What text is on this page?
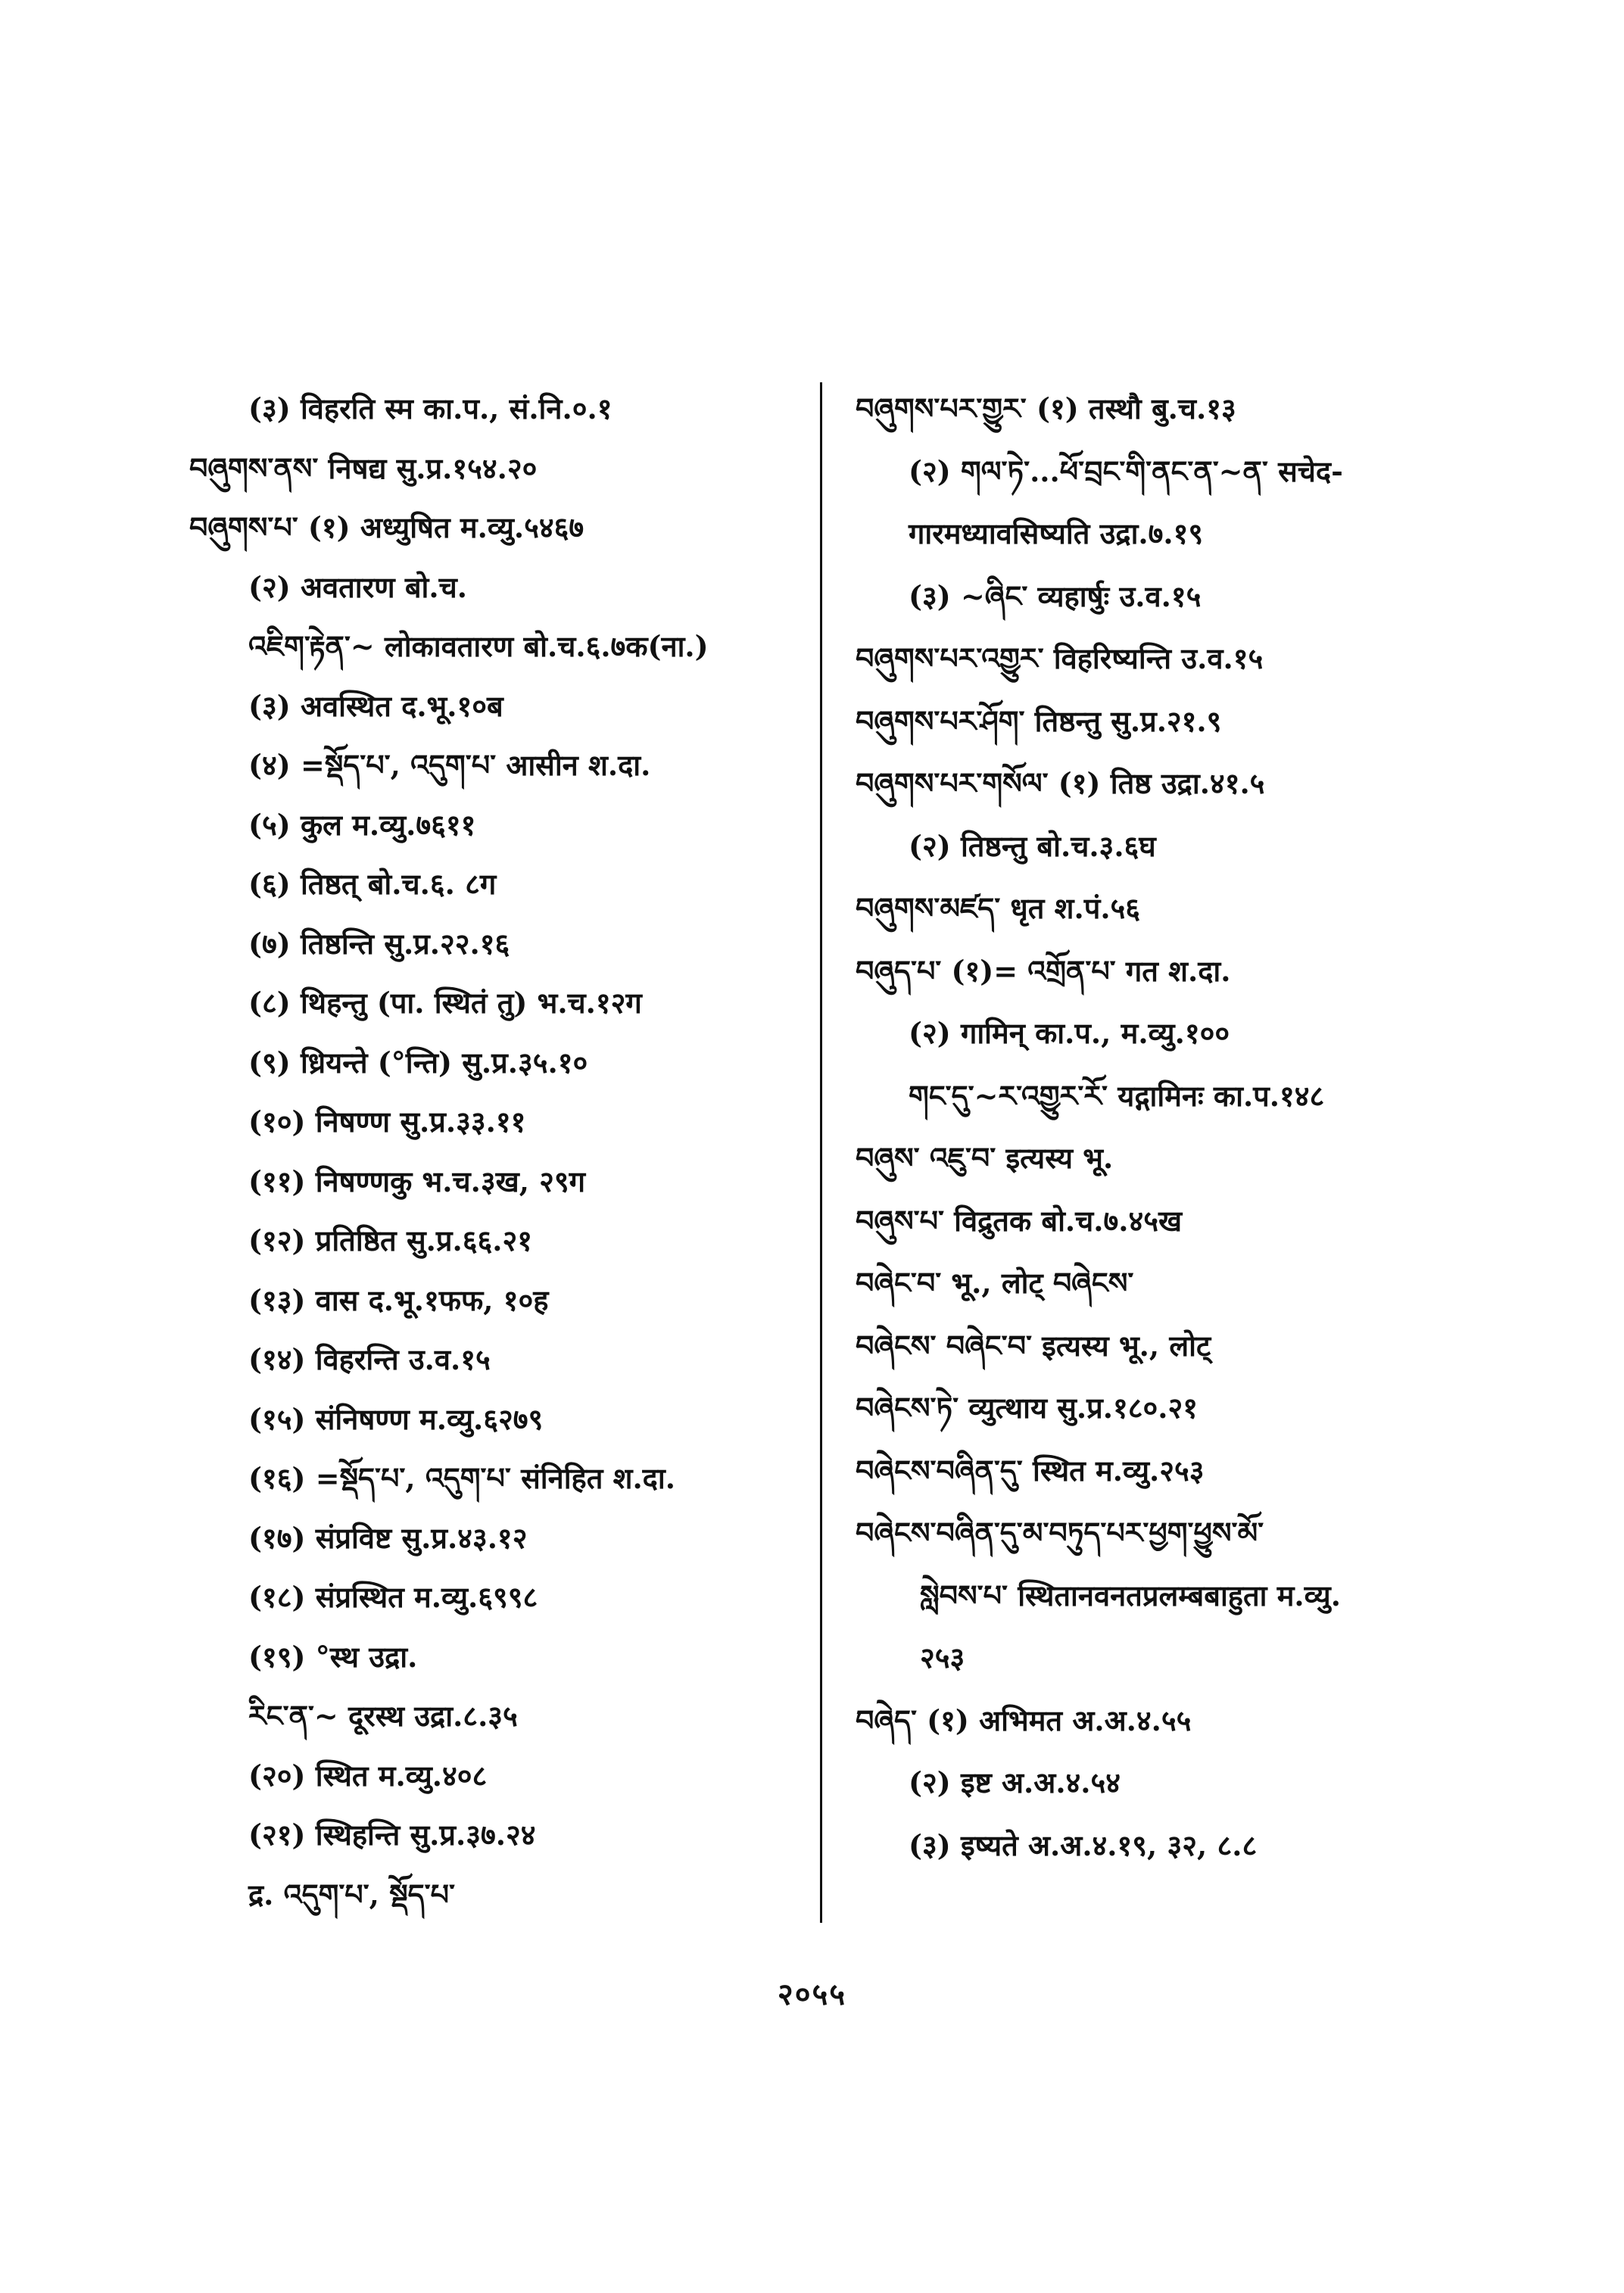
(३) विहरति स्म का.प., सं.नि.०.१
བཞུགས་ནས་ निषद्य सु.प्र.१५४.२०
བཞུགས་པ་ (१) अध्युषित म.व्यु.५४६७
(२) अवतारण बो.च.
འཇིག་རྟེན་~ लोकावतारण बो.च.६.७क(ना.)
(३) अवस्थित द.भू.१०ब
(४) =སྡོད་པ་, འདུག་པ་ आसीन श.दा.
(५) कुल म.व्यु.७६११
(६) तिष्ठत् बो.च.६. ८ग
(७) तिष्ठन्ति सु.प्र.२२.१६
(८) थिहन्तु (पा. स्थितं तु) भ.च.१२ग
(९) ध्रियन्ते (°न्ति) सु.प्र.३५.१०
(१०) निषण्ण सु.प्र.३३.११
(११) निषण्णकु भ.च.३ख, २९ग
(१२) प्रतिष्ठित सु.प्र.६६.२१
(१३) वास द.भू.१फफ, १०ह
(१४) विहरन्ति उ.व.१५
(१५) संनिषण्ण म.व्यु.६२७९
(१६) =སྡོད་པ་, འདུག་པ་ संनिहित श.दा.
(१७) संप्रविष्ट सु.प्र.४३.१२
(१८) संप्रस्थित म.व्यु.६९९८
(१९) °स्थ उद्रा.
རིང་ན་~ दूरस्थ उद्रा.८.३५
(२०) स्थित म.व्यु.४०८
(२१) स्थिहन्ति सु.प्र.३७.२४
द्र. འདུག་པ་, སྡོད་པ་
བཞུགས་པར་གྱུར་ (१) तस्थौ बु.च.१३
(२) གལ་ཏེ་...ཕོ་བྲང་གི་ནང་ན་~ན་ सचेद-
गारमध्यावसिष्यति उद्रा.७.१९
(३) ~ཞིང་ व्यहार्षुः उ.व.१५
བཞུགས་པར་འགྱུར་ विहरिष्यन्ति उ.व.१५
བཞུགས་པར་ཤོག་ तिष्ठन्तु सु.प्र.२१.९
བཞུགས་པར་གསོལ་ (१) तिष्ठ उद्रा.४१.५
(२) तिष्ठन्तु बो.च.३.६घ
བཞུགས་མཛད་ धृत श.पं.५६
བཞུད་པ་ (१)= འགྲོན་པ་ गत श.दा.
(२) गामिन् का.प., म.व्यु.१००
གང་དུ་~ར་འགྱུར་རོ་ यद्गामिनः का.प.१४८
བཞུས་ འཇུ་བ་ इत्यस्य भू.
བཞུས་པ་ विद्रुतक बो.च.७.४५ख
བཞེང་བ་ भू., लोट् བཞེངས་
བཞེངས་ བཞེང་བ་ इत्यस्य भू., लोट्
བཞེངས་ཏེ་ व्युत्थाय सु.प्र.१८०.२१
བཞེངས་བཞིན་དུ་ स्थित म.व्यु.२५३
བཞེངས་བཞིན་དུ་མ་བཏུད་པར་ཕྱག་ཕྱུས་མོ་
སླེབས་པ་ स्थितानवनतप्रलम्बबाहुता म.व्यु.
२५३
བཞེད་ (१) अभिमत अ.अ.४.५५
(२) इष्ट अ.अ.४.५४
(३) इष्यते अ.अ.४.१९, ३२, ८.८
२०५५
